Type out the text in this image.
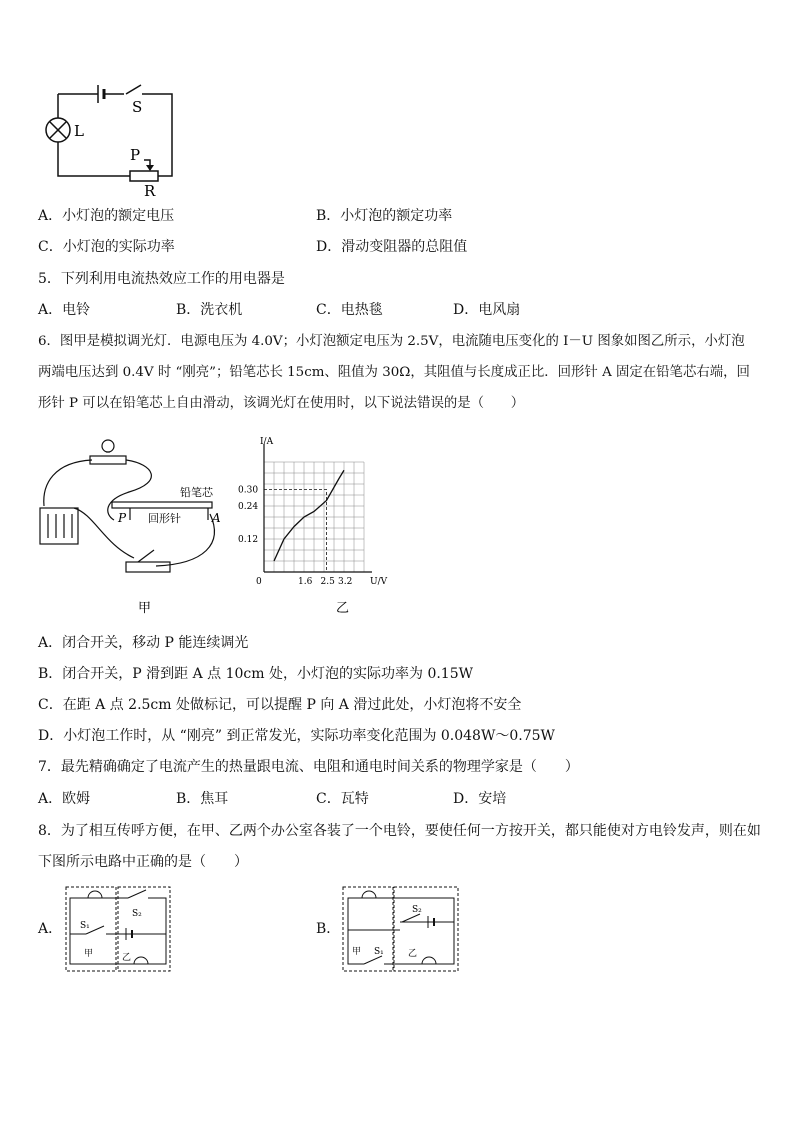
L
S
P
R
A．小灯泡的额定电压	B．小灯泡的额定功率
C．小灯泡的实际功率	D．滑动变阻器的总阻值
5．下列利用电流热效应工作的用电器是
A．电铃	B．洗衣机	C．电热毯	D．电风扇
6．图甲是模拟调光灯．电源电压为 4.0V；小灯泡额定电压为 2.5V，电流随电压变化的 I－U 图象如图乙所示，小灯泡
两端电压达到 0.4V 时 “刚亮”；铅笔芯长 15cm、阻值为 30Ω，其阻值与长度成正比．回形针 A 固定在铅笔芯右端，回
形针 P 可以在铅笔芯上自由滑动，该调光灯在使用时，以下说法错误的是（　　）
铅笔芯
回形针
P	A
甲
0	1.6 2.5 3.2
0.12
0.24
0.30
I/A
U/V
乙
A．闭合开关，移动 P 能连续调光
B．闭合开关，P 滑到距 A 点 10cm 处，小灯泡的实际功率为 0.15W
C．在距 A 点 2.5cm 处做标记，可以提醒 P 向 A 滑过此处，小灯泡将不安全
D．小灯泡工作时，从 “刚亮” 到正常发光，实际功率变化范围为 0.048W～0.75W
7．最先精确确定了电流产生的热量跟电流、电阻和通电时间关系的物理学家是（　　）
A．欧姆	B．焦耳	C．瓦特	D．安培
8．为了相互传呼方便，在甲、乙两个办公室各装了一个电铃，要使任何一方按开关，都只能使对方电铃发声，则在如
下图所示电路中正确的是（　　）
A．
S₂
S₁
甲	乙
B．
S₂
甲 S₁	乙
